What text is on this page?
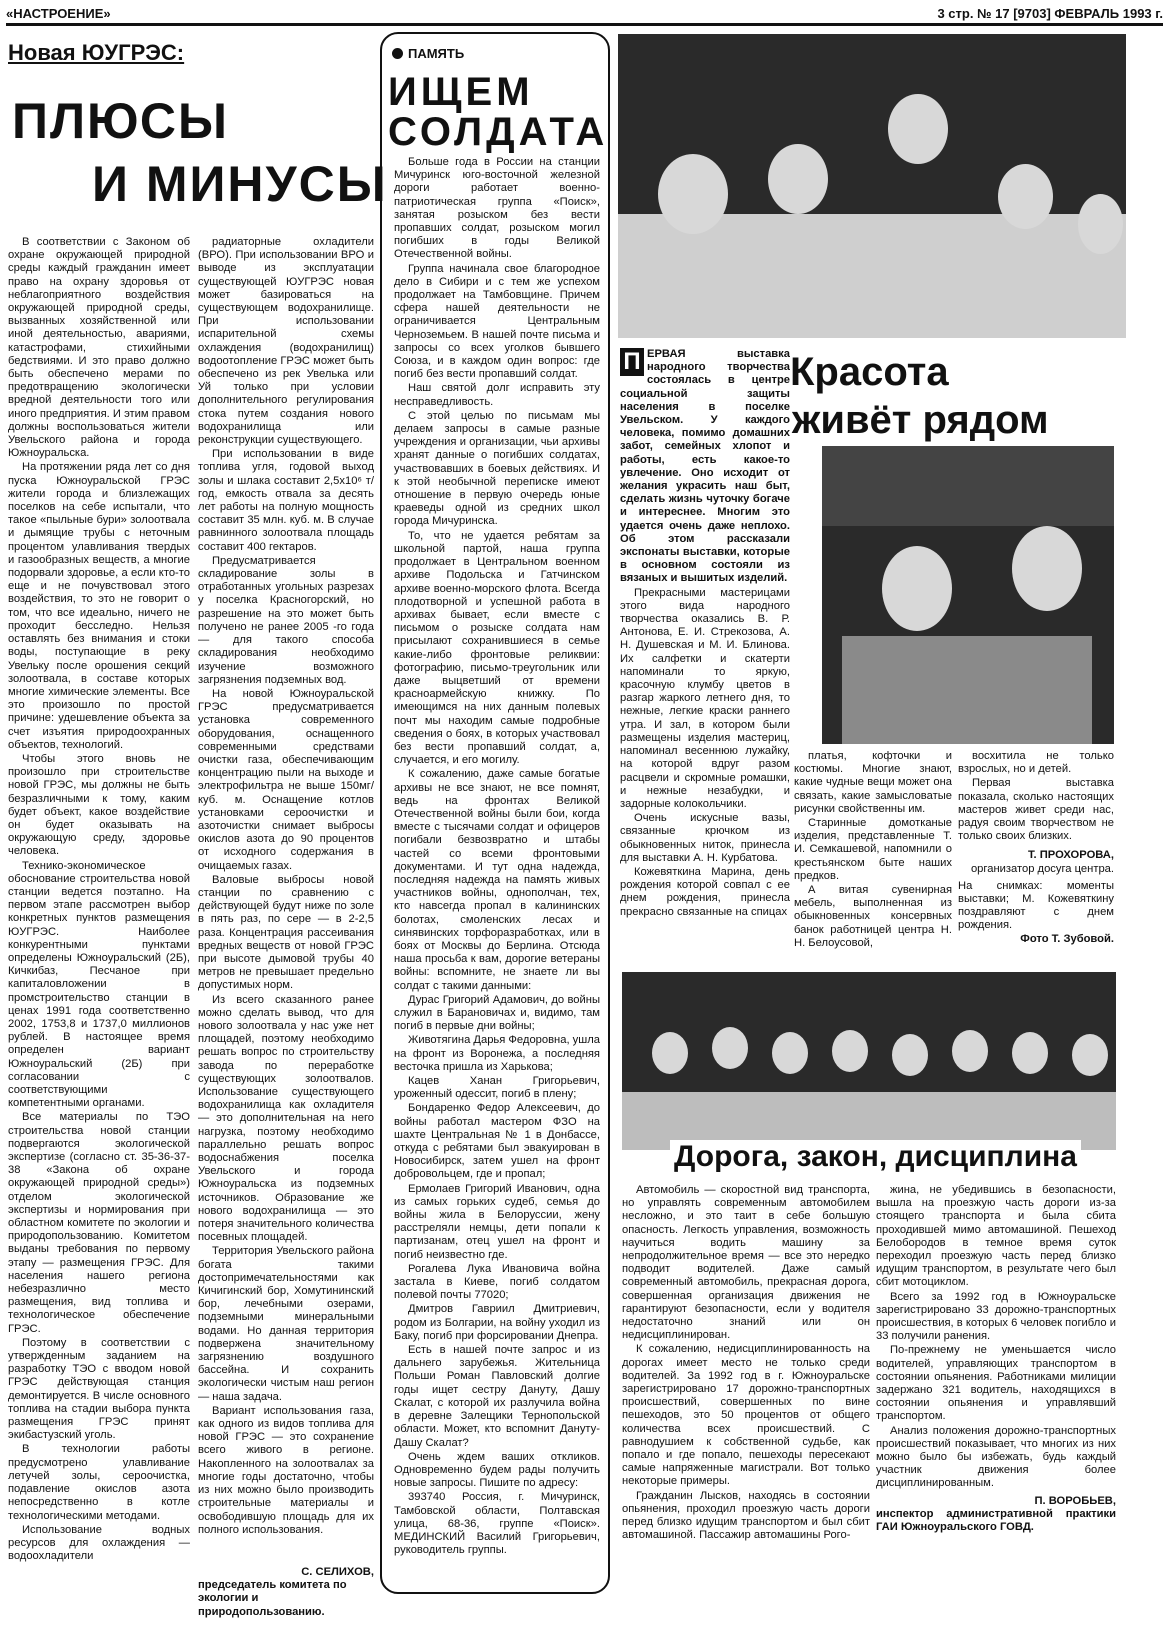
«НАСТРОЕНИЕ»	3 стр. № 17 [9703] ФЕВРАЛЬ 1993 г.
Новая ЮУГРЭС:
ПЛЮСЫ
И МИНУСЫ

В соответствии с Законом об охране окружающей природной среды каждый гражданин имеет право на охрану здоровья от неблагоприятного воздействия окружающей природной среды, вызванных хозяйственной или иной деятельностью, авариями, катастрофами, стихийными бедствиями. И это право должно быть обеспечено мерами по предотвращению экологически вредной деятельности того или иного предприятия. И этим правом должны воспользоваться жители Увельского района и города Южноуральска.

На протяжении ряда лет со дня пуска Южноуральской ГРЭС жители города и близлежащих поселков на себе испытали, что такое «пыльные бури» золоотвала и дымящие трубы с неточным процентом улавливания твердых и газообразных веществ, а многие подорвали здоровье, а если кто-то еще и не почувствовал этого воздействия, то это не говорит о том, что все идеально, ничего не проходит бесследно. Нельзя оставлять без внимания и стоки воды, поступающие в реку Увельку после орошения секций золоотвала, в составе которых многие химические элементы. Все это произошло по простой причине: удешевление объекта за счет изъятия природоохранных объектов, технологий.

Чтобы этого вновь не произошло при строительстве новой ГРЭС, мы должны не быть безразличными к тому, каким будет объект, какое воздействие он будет оказывать на окружающую среду, здоровье человека.

Технико-экономическое обоснование строительства новой станции ведется поэтапно. На первом этапе рассмотрен выбор конкретных пунктов размещения ЮУГРЭС. Наиболее конкурентными пунктами определены Южноуральский (2Б), Кичкибаз, Песчаное при капиталовложении в промстроительство станции в ценах 1991 года соответственно 2002, 1753,8 и 1737,0 миллионов рублей. В настоящее время определен вариант Южноуральский (2Б) при согласовании с соответствующими компетентными органами.

Все материалы по ТЭО строительства новой станции подвергаются экологической экспертизе (согласно ст. 35-36-37-38 «Закона об охране окружающей природной среды») отделом экологической экспертизы и нормирования при областном комитете по экологии и природопользованию. Комитетом выданы требования по первому этапу — размещения ГРЭС. Для населения нашего региона небезразлично место размещения, вид топлива и технологическое обеспечение ГРЭС.

Поэтому в соответствии с утвержденным заданием на разработку ТЭО с вводом новой ГРЭС действующая станция демонтируется. В числе основного топлива на стадии выбора пункта размещения ГРЭС принят экибастузский уголь.

В технологии работы предусмотрено улавливание летучей золы, сероочистка, подавление окислов азота непосредственно в котле технологическими методами.

Использование водных ресурсов для охлаждения — водоохладители

радиаторные охладители (ВРО). При использовании ВРО и выводе из эксплуатации существующей ЮУГРЭС новая может базироваться на существующем водохранилище. При использовании испарительной схемы охлаждения (водохранилищ) водоотопление ГРЭС может быть обеспечено из рек Увелька или Уй только при условии дополнительного регулирования стока путем создания нового водохранилища или реконструкции существующего.

При использовании в виде топлива угля, годовой выход золы и шлака составит 2,5х10⁶ т/год, емкость отвала за десять лет работы на полную мощность составит 35 млн. куб. м. В случае равнинного золоотвала площадь составит 400 гектаров.

Предусматривается складирование золы в отработанных угольных разрезах у поселка Красногорский, но разрешение на это может быть получено не ранее 2005 -го года — для такого способа складирования необходимо изучение возможного загрязнения подземных вод.

На новой Южноуральской ГРЭС предусматривается установка современного оборудования, оснащенного современными средствами очистки газа, обеспечивающим концентрацию пыли на выходе и электрофильтра не выше 150мг/куб. м. Оснащение котлов установками сероочистки и азоточистки снимает выбросы окислов азота до 90 процентов от исходного содержания в очищаемых газах.

Валовые выбросы новой станции по сравнению с действующей будут ниже по золе в пять раз, по сере — в 2-2,5 раза. Концентрация рассеивания вредных веществ от новой ГРЭС при высоте дымовой трубы 40 метров не превышает предельно допустимых норм.

Из всего сказанного ранее можно сделать вывод, что для нового золоотвала у нас уже нет площадей, поэтому необходимо решать вопрос по строительству завода по переработке существующих золоотвалов. Использование существующего водохранилища как охладителя — это дополнительная на него нагрузка, поэтому необходимо параллельно решать вопрос водоснабжения поселка Увельского и города Южноуральска из подземных источников. Образование же нового водохранилища — это потеря значительного количества посевных площадей.

Территория Увельского района богата такими достопримечательностями как Кичигинский бор, Хомутининский бор, лечебными озерами, подземными минеральными водами. Но данная территория подвержена значительному загрязнению воздушного бассейна. И сохранить экологически чистым наш регион — наша задача.

Вариант использования газа, как одного из видов топлива для новой ГРЭС — это сохранение всего живого в регионе. Накопленного на золоотвалах за многие годы достаточно, чтобы из них можно было производить строительные материалы и освободившую площадь для их полного использования.

С. СЕЛИХОВ,
председатель комитета по экологии и природопользованию.
ПАМЯТЬ
ИЩЕМ
СОЛДАТА

Больше года в России на станции Мичуринск юго-восточной железной дороги работает военно-патриотическая группа «Поиск», занятая розыском без вести пропавших солдат, розыском могил погибших в годы Великой Отечественной войны.

Группа начинала свое благородное дело в Сибири и с тем же успехом продолжает на Тамбовщине. Причем сфера нашей деятельности не ограничивается Центральным Черноземьем. В нашей почте письма и запросы со всех уголков бывшего Союза, и в каждом один вопрос: где погиб без вести пропавший солдат.

Наш святой долг исправить эту несправедливость.

С этой целью по письмам мы делаем запросы в самые разные учреждения и организации, чьи архивы хранят данные о погибших солдатах, участвовавших в боевых действиях. И к этой необычной переписке имеют отношение в первую очередь юные краеведы одной из средних школ города Мичуринска.

То, что не удается ребятам за школьной партой, наша группа продолжает в Центральном военном архиве Подольска и Гатчинском архиве военно-морского флота. Всегда плодотворной и успешной работа в архивах бывает, если вместе с письмом о розыске солдата нам присылают сохранившиеся в семье какие-либо фронтовые реликвии: фотографию, письмо-треугольник или даже выцветший от времени красноармейскую книжку. По имеющимся на них данным полевых почт мы находим самые подробные сведения о боях, в которых участвовал без вести пропавший солдат, а, случается, и его могилу.

К сожалению, даже самые богатые архивы не все знают, не все помнят, ведь на фронтах Великой Отечественной войны были бои, когда вместе с тысячами солдат и офицеров погибали безвозвратно и штабы частей со всеми фронтовыми документами. И тут одна надежда, последняя надежда на память живых участников войны, однополчан, тех, кто навсегда пропал в калининских болотах, смоленских лесах и синявинских торфоразработках, или в боях от Москвы до Берлина. Отсюда наша просьба к вам, дорогие ветераны войны: вспомните, не знаете ли вы солдат с такими данными:

Дурас Григорий Адамович, до войны служил в Барановичах и, видимо, там погиб в первые дни войны;

Животягина Дарья Федоровна, ушла на фронт из Воронежа, а последняя весточка пришла из Харькова;

Кацев Ханан Григорьевич, уроженный одессит, погиб в плену;

Бондаренко Федор Алексеевич, до войны работал мастером ФЗО на шахте Центральная № 1 в Донбассе, откуда с ребятами был эвакуирован в Новосибирск, затем ушел на фронт добровольцем, где и пропал;

Ермолаев Григорий Иванович, одна из самых горьких судеб, семья до войны жила в Белоруссии, жену расстреляли немцы, дети попали к партизанам, отец ушел на фронт и погиб неизвестно где.

Рогалева Лука Ивановича война застала в Киеве, погиб солдатом полевой почты 77020;

Дмитров Гавриил Дмитриевич, родом из Болгарии, на войну уходил из Баку, погиб при форсировании Днепра.

Есть в нашей почте запрос и из дальнего зарубежья. Жительница Польши Роман Павловский долгие годы ищет сестру Дануту, Дашу Скалат, с которой их разлучила война в деревне Залещики Тернопольской области. Может, кто вспомнит Дануту-Дашу Скалат?

Очень ждем ваших откликов. Одновременно будем рады получить новые запросы. Пишите по адресу:

393740 Россия, г. Мичуринск, Тамбовской области, Полтавская улица, 68-36, группе «Поиск». МЕДИНСКИЙ Василий Григорьевич, руководитель группы.

Красота
живёт рядом

П ЕРВАЯ выставка народного творчества состоялась в центре социальной защиты населения в поселке Увельском. У каждого человека, помимо домашних забот, семейных хлопот и работы, есть какое-то увлечение. Оно исходит от желания украсить наш быт, сделать жизнь чуточку богаче и интереснее. Многим это удается очень даже неплохо. Об этом рассказали экспонаты выставки, которые в основном состояли из вязаных и вышитых изделий.

Прекрасными мастерицами этого вида народного творчества оказались В. Р. Антонова, Е. И. Стрекозова, А. Н. Душевская и М. И. Блинова. Их салфетки и скатерти напоминали то яркую, красочную клумбу цветов в разгар жаркого летнего дня, то нежные, легкие краски раннего утра. И зал, в котором были размещены изделия мастериц, напоминал весеннюю лужайку, на которой вдруг разом расцвели и скромные ромашки, и нежные незабудки, и задорные колокольчики.

Очень искусные вазы, связанные крючком из обыкновенных ниток, принесла для выставки А. Н. Курбатова.

Кожевяткина Марина, день рождения которой совпал с ее днем рождения, принесла прекрасно связанные на спицах

платья, кофточки и костюмы. Многие знают, какие чудные вещи может она связать, какие замысловатые рисунки свойственны им.

Старинные домотканые изделия, представленные Т. И. Семкашевой, напомнили о крестьянском быте наших предков.

А витая сувенирная мебель, выполненная из обыкновенных консервных банок работницей центра Н. Н. Белоусовой,

восхитила не только взрослых, но и детей.

Первая выставка показала, сколько настоящих мастеров живет среди нас, радуя своим творчеством не только своих близких.

Т. ПРОХОРОВА,
организатор досуга центра.
На снимках: моменты выставки; М. Кожевяткину поздравляют с днем рождения.
Фото Т. Зубовой.
Дорога, закон, дисциплина

Автомобиль — скоростной вид транспорта, но управлять современным автомобилем несложно, и это таит в себе большую опасность. Легкость управления, возможность научиться водить машину за непродолжительное время — все это нередко подводит водителей. Даже самый современный автомобиль, прекрасная дорога, совершенная организация движения не гарантируют безопасности, если у водителя недостаточно знаний или он недисциплинирован.

К сожалению, недисциплинированность на дорогах имеет место не только среди водителей. За 1992 год в г. Южноуральске зарегистрировано 17 дорожно-транспортных происшествий, совершенных по вине пешеходов, это 50 процентов от общего количества всех происшествий. С равнодушием к собственной судьбе, как попало и где попало, пешеходы пересекают самые напряженные магистрали. Вот только некоторые примеры.

Гражданин Лысков, находясь в состоянии опьянения, проходил проезжую часть дороги перед близко идущим транспортом и был сбит автомашиной. Пассажир автомашины Рого-

жина, не убедившись в безопасности, вышла на проезжую часть дороги из-за стоящего транспорта и была сбита проходившей мимо автомашиной. Пешеход Белобородов в темное время суток переходил проезжую часть перед близко идущим транспортом, в результате чего был сбит мотоциклом.

Всего за 1992 год в Южноуральске зарегистрировано 33 дорожно-транспортных происшествия, в которых 6 человек погибло и 33 получили ранения.

По-прежнему не уменьшается число водителей, управляющих транспортом в состоянии опьянения. Работниками милиции задержано 321 водитель, находящихся в состоянии опьянения и управлявший транспортом.

Анализ положения дорожно-транспортных происшествий показывает, что многих из них можно было бы избежать, будь каждый участник движения более дисциплинированным.

П. ВОРОБЬЕВ,
инспектор административной практики ГАИ Южноуральского ГОВД.
